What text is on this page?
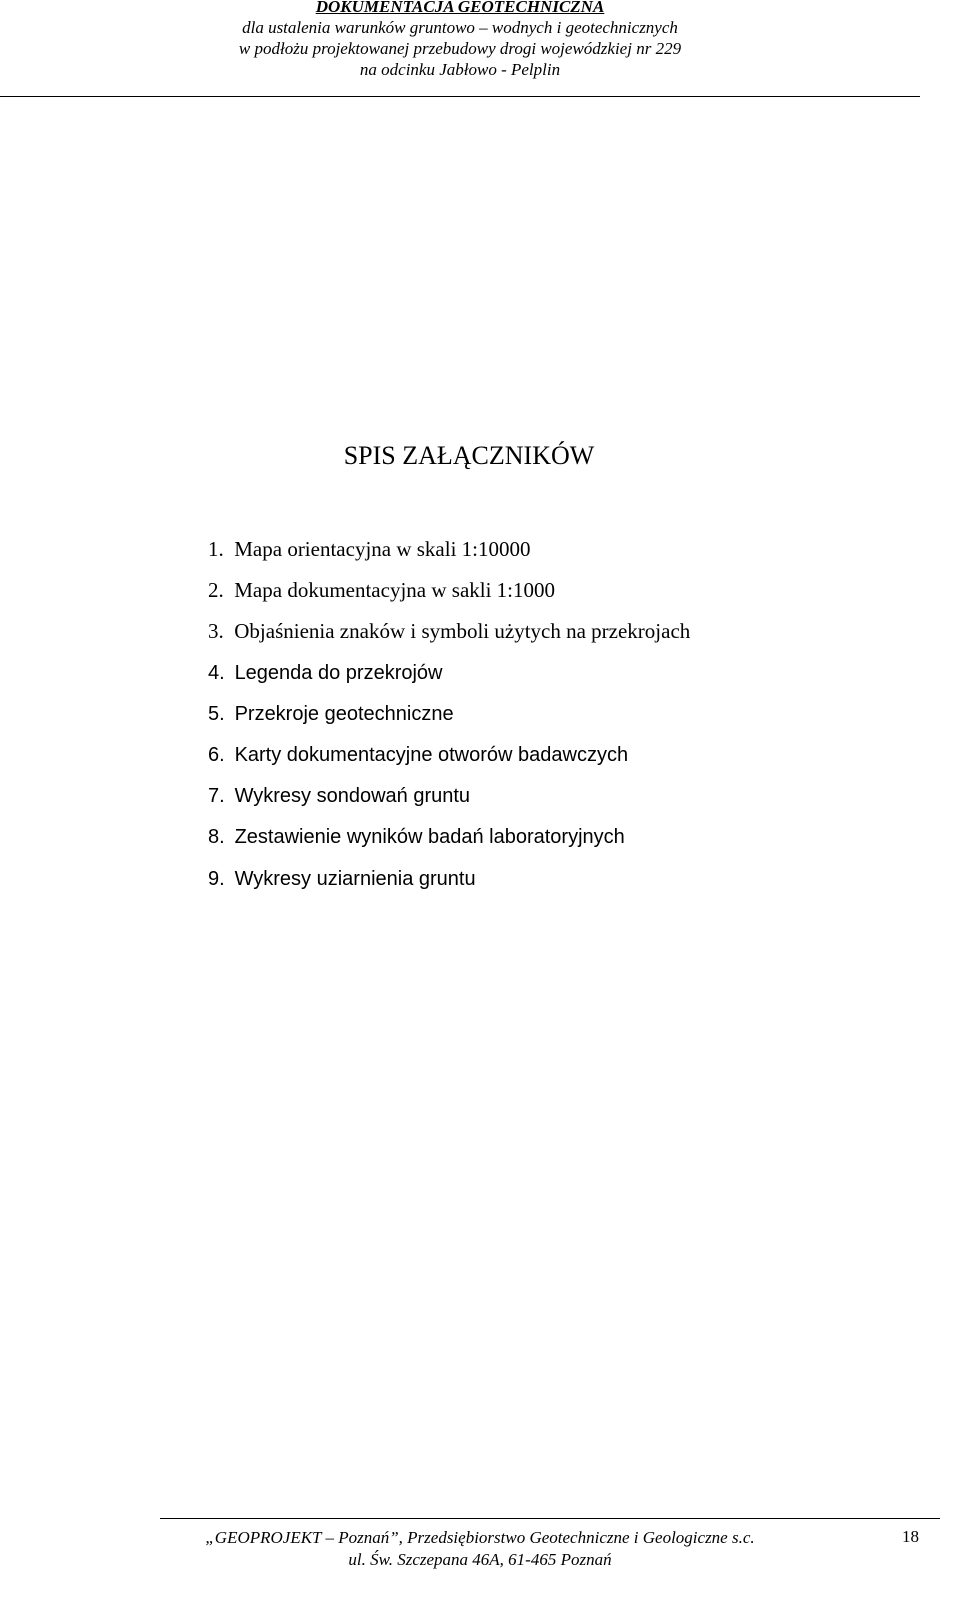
DOKUMENTACJA GEOTECHNICZNA
dla ustalenia warunków gruntowo – wodnych i geotechnicznych
w podłożu projektowanej przebudowy drogi wojewódzkiej nr 229
na odcinku Jabłowo - Pelplin
SPIS ZAŁĄCZNIKÓW
1. Mapa orientacyjna w skali 1:10000
2. Mapa dokumentacyjna w sakli 1:1000
3. Objaśnienia znaków i symboli użytych na przekrojach
4. Legenda do przekrojów
5. Przekroje geotechniczne
6. Karty dokumentacyjne otworów badawczych
7. Wykresy sondowań gruntu
8. Zestawienie wyników badań laboratoryjnych
9. Wykresy uziarnienia gruntu
„GEOPROJEKT – Poznań”, Przedsiębiorstwo Geotechniczne i Geologiczne s.c.
ul. Św. Szczepana 46A, 61-465 Poznań
18
